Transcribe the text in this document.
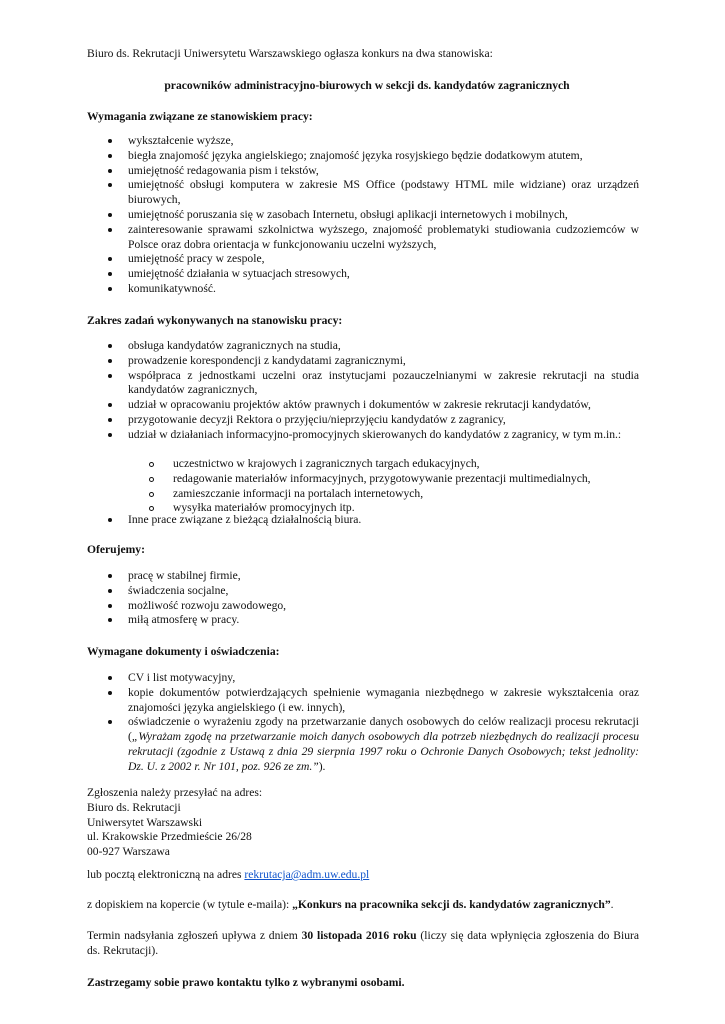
Biuro ds. Rekrutacji Uniwersytetu Warszawskiego ogłasza konkurs na dwa stanowiska:
pracowników administracyjno-biurowych w sekcji ds. kandydatów zagranicznych
Wymagania związane ze stanowiskiem pracy:
wykształcenie wyższe,
biegła znajomość języka angielskiego; znajomość języka rosyjskiego będzie dodatkowym atutem,
umiejętność redagowania pism i tekstów,
umiejętność obsługi komputera w zakresie MS Office (podstawy HTML mile widziane) oraz urządzeń biurowych,
umiejętność poruszania się w zasobach Internetu, obsługi aplikacji internetowych i mobilnych,
zainteresowanie sprawami szkolnictwa wyższego, znajomość problematyki studiowania cudzoziemców w Polsce oraz dobra orientacja w funkcjonowaniu uczelni wyższych,
umiejętność pracy w zespole,
umiejętność działania w sytuacjach stresowych,
komunikatywność.
Zakres zadań wykonywanych na stanowisku pracy:
obsługa kandydatów zagranicznych na studia,
prowadzenie korespondencji z kandydatami zagranicznymi,
współpraca z jednostkami uczelni oraz instytucjami pozauczelnianymi w zakresie rekrutacji na studia kandydatów zagranicznych,
udział w opracowaniu projektów aktów prawnych i dokumentów w zakresie rekrutacji kandydatów,
przygotowanie decyzji Rektora o przyjęciu/nieprzyjęciu kandydatów z zagranicy,
udział w działaniach informacyjno-promocyjnych skierowanych do kandydatów z zagranicy, w tym m.in.:
uczestnictwo w krajowych i zagranicznych targach edukacyjnych,
redagowanie materiałów informacyjnych, przygotowywanie prezentacji multimedialnych,
zamieszczanie informacji na portalach internetowych,
wysyłka materiałów promocyjnych itp.
Inne prace związane z bieżącą działalnością biura.
Oferujemy:
pracę w stabilnej firmie,
świadczenia socjalne,
możliwość rozwoju zawodowego,
miłą atmosferę w pracy.
Wymagane dokumenty i oświadczenia:
CV i list motywacyjny,
kopie dokumentów potwierdzających spełnienie wymagania niezbędnego w zakresie wykształcenia oraz znajomości języka angielskiego (i ew. innych),
oświadczenie o wyrażeniu zgody na przetwarzanie danych osobowych do celów realizacji procesu rekrutacji („Wyrażam zgodę na przetwarzanie moich danych osobowych dla potrzeb niezbędnych do realizacji procesu rekrutacji (zgodnie z Ustawą z dnia 29 sierpnia 1997 roku o Ochronie Danych Osobowych; tekst jednolity: Dz. U. z 2002 r. Nr 101, poz. 926 ze zm.”).
Zgłoszenia należy przesyłać na adres:
Biuro ds. Rekrutacji
Uniwersytet Warszawski
ul. Krakowskie Przedmieście 26/28
00-927 Warszawa
lub pocztą elektroniczną na adres rekrutacja@adm.uw.edu.pl
z dopiskiem na kopercie (w tytule e-maila): „Konkurs na pracownika sekcji ds. kandydatów zagranicznych”.
Termin nadsyłania zgłoszeń upływa z dniem 30 listopada 2016 roku (liczy się data wpłynięcia zgłoszenia do Biura ds. Rekrutacji).
Zastrzegamy sobie prawo kontaktu tylko z wybranymi osobami.
